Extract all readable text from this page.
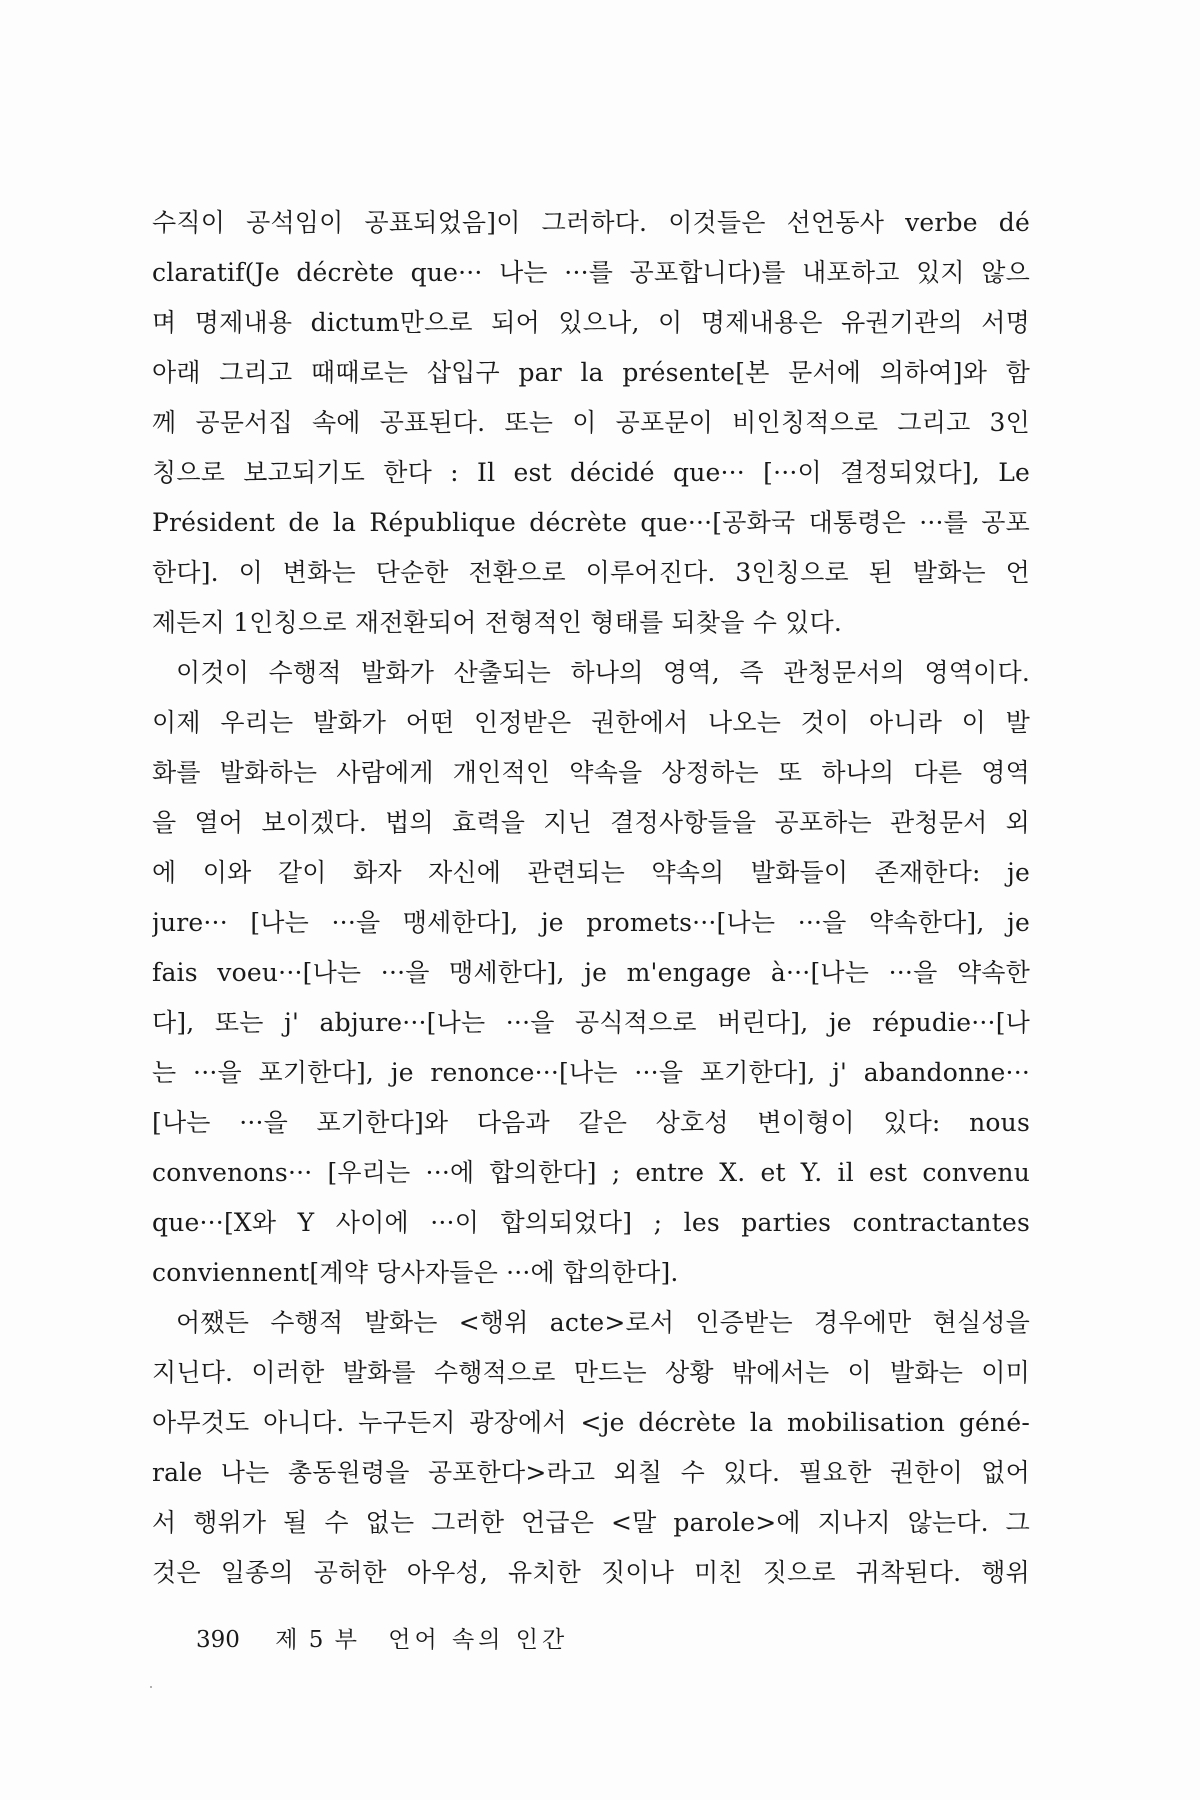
수직이 공석임이 공표되었음]이 그러하다. 이것들은 선언동사 verbe dé
claratif(Je décrète que··· 나는 ···를 공포합니다)를 내포하고 있지 않으
며 명제내용 dictum만으로 되어 있으나, 이 명제내용은 유권기관의 서명
아래 그리고 때때로는 삽입구 par la présente[본 문서에 의하여]와 함
께 공문서집 속에 공표된다. 또는 이 공포문이 비인칭적으로 그리고 3인
칭으로 보고되기도 한다 : Il est décidé que··· [···이 결정되었다], Le
Président de la République décrète que···[공화국 대통령은 ···를 공포
한다]. 이 변화는 단순한 전환으로 이루어진다. 3인칭으로 된 발화는 언
제든지 1인칭으로 재전환되어 전형적인 형태를 되찾을 수 있다.
이것이 수행적 발화가 산출되는 하나의 영역, 즉 관청문서의 영역이다.
이제 우리는 발화가 어떤 인정받은 권한에서 나오는 것이 아니라 이 발
화를 발화하는 사람에게 개인적인 약속을 상정하는 또 하나의 다른 영역
을 열어 보이겠다. 법의 효력을 지닌 결정사항들을 공포하는 관청문서 외
에 이와 같이 화자 자신에 관련되는 약속의 발화들이 존재한다: je
jure··· [나는 ···을 맹세한다], je promets···[나는 ···을 약속한다], je
fais voeu···[나는 ···을 맹세한다], je m'engage à···[나는 ···을 약속한
다], 또는 j' abjure···[나는 ···을 공식적으로 버린다], je répudie···[나
는 ···을 포기한다], je renonce···[나는 ···을 포기한다], j' abandonne···
[나는 ···을 포기한다]와 다음과 같은 상호성 변이형이 있다: nous
convenons··· [우리는 ···에 합의한다] ; entre X. et Y. il est convenu
que···[X와 Y 사이에 ···이 합의되었다] ; les parties contractantes
conviennent[계약 당사자들은 ···에 합의한다].
어쨌든 수행적 발화는 <행위 acte>로서 인증받는 경우에만 현실성을
지닌다. 이러한 발화를 수행적으로 만드는 상황 밖에서는 이 발화는 이미
아무것도 아니다. 누구든지 광장에서 <je décrète la mobilisation géné-
rale 나는 총동원령을 공포한다>라고 외칠 수 있다. 필요한 권한이 없어
서 행위가 될 수 없는 그러한 언급은 <말 parole>에 지나지 않는다. 그
것은 일종의 공허한 아우성, 유치한 짓이나 미친 짓으로 귀착된다. 행위
390 제 5 부 언어 속의 인간
